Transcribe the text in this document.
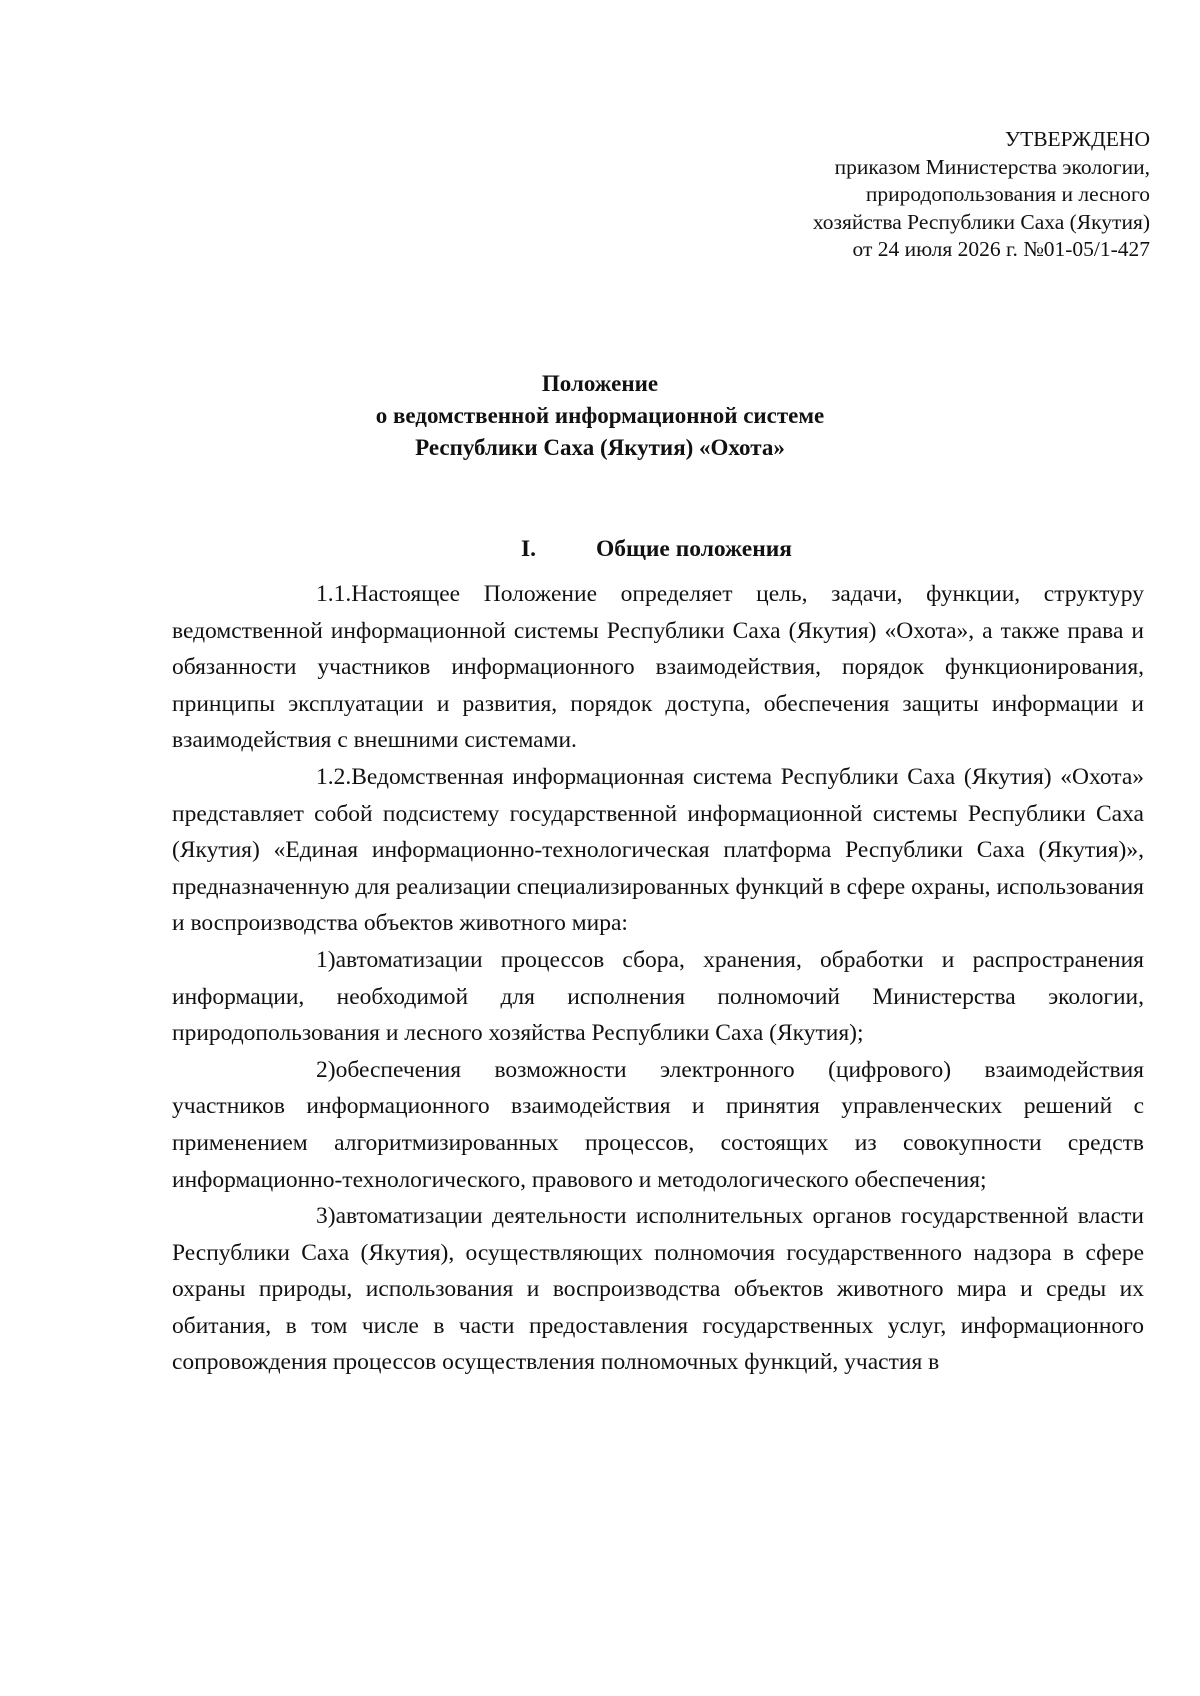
УТВЕРЖДЕНО
приказом Министерства экологии,
природопользования и лесного
хозяйства Республики Саха (Якутия)
от 24 июля 2026 г. №01-05/1-427
Положение
о ведомственной информационной системе
Республики Саха (Якутия) «Охота»
I.	Общие положения

1.1.Настоящее Положение определяет цель, задачи, функции, структуру ведомственной информационной системы Республики Саха (Якутия) «Охота», а также права и обязанности участников информационного взаимодействия, порядок функционирования, принципы эксплуатации и развития, порядок доступа, обеспечения защиты информации и взаимодействия с внешними системами.

1.2.Ведомственная информационная система Республики Саха (Якутия) «Охота» представляет собой подсистему государственной информационной системы Республики Саха (Якутия) «Единая информационно-технологическая платформа Республики Саха (Якутия)», предназначенную для реализации специализированных функций в сфере охраны, использования и воспроизводства объектов животного мира:

1)автоматизации процессов сбора, хранения, обработки и распространения информации, необходимой для исполнения полномочий Министерства экологии, природопользования и лесного хозяйства Республики Саха (Якутия);

2)обеспечения возможности электронного (цифрового) взаимодействия участников информационного взаимодействия и принятия управленческих решений с применением алгоритмизированных процессов, состоящих из совокупности средств информационно-технологического, правового и методологического обеспечения;

3)автоматизации деятельности исполнительных органов государственной власти Республики Саха (Якутия), осуществляющих полномочия государственного надзора в сфере охраны природы, использования и воспроизводства объектов животного мира и среды их обитания, в том числе в части предоставления государственных услуг, информационного сопровождения процессов осуществления полномочных функций, участия в
